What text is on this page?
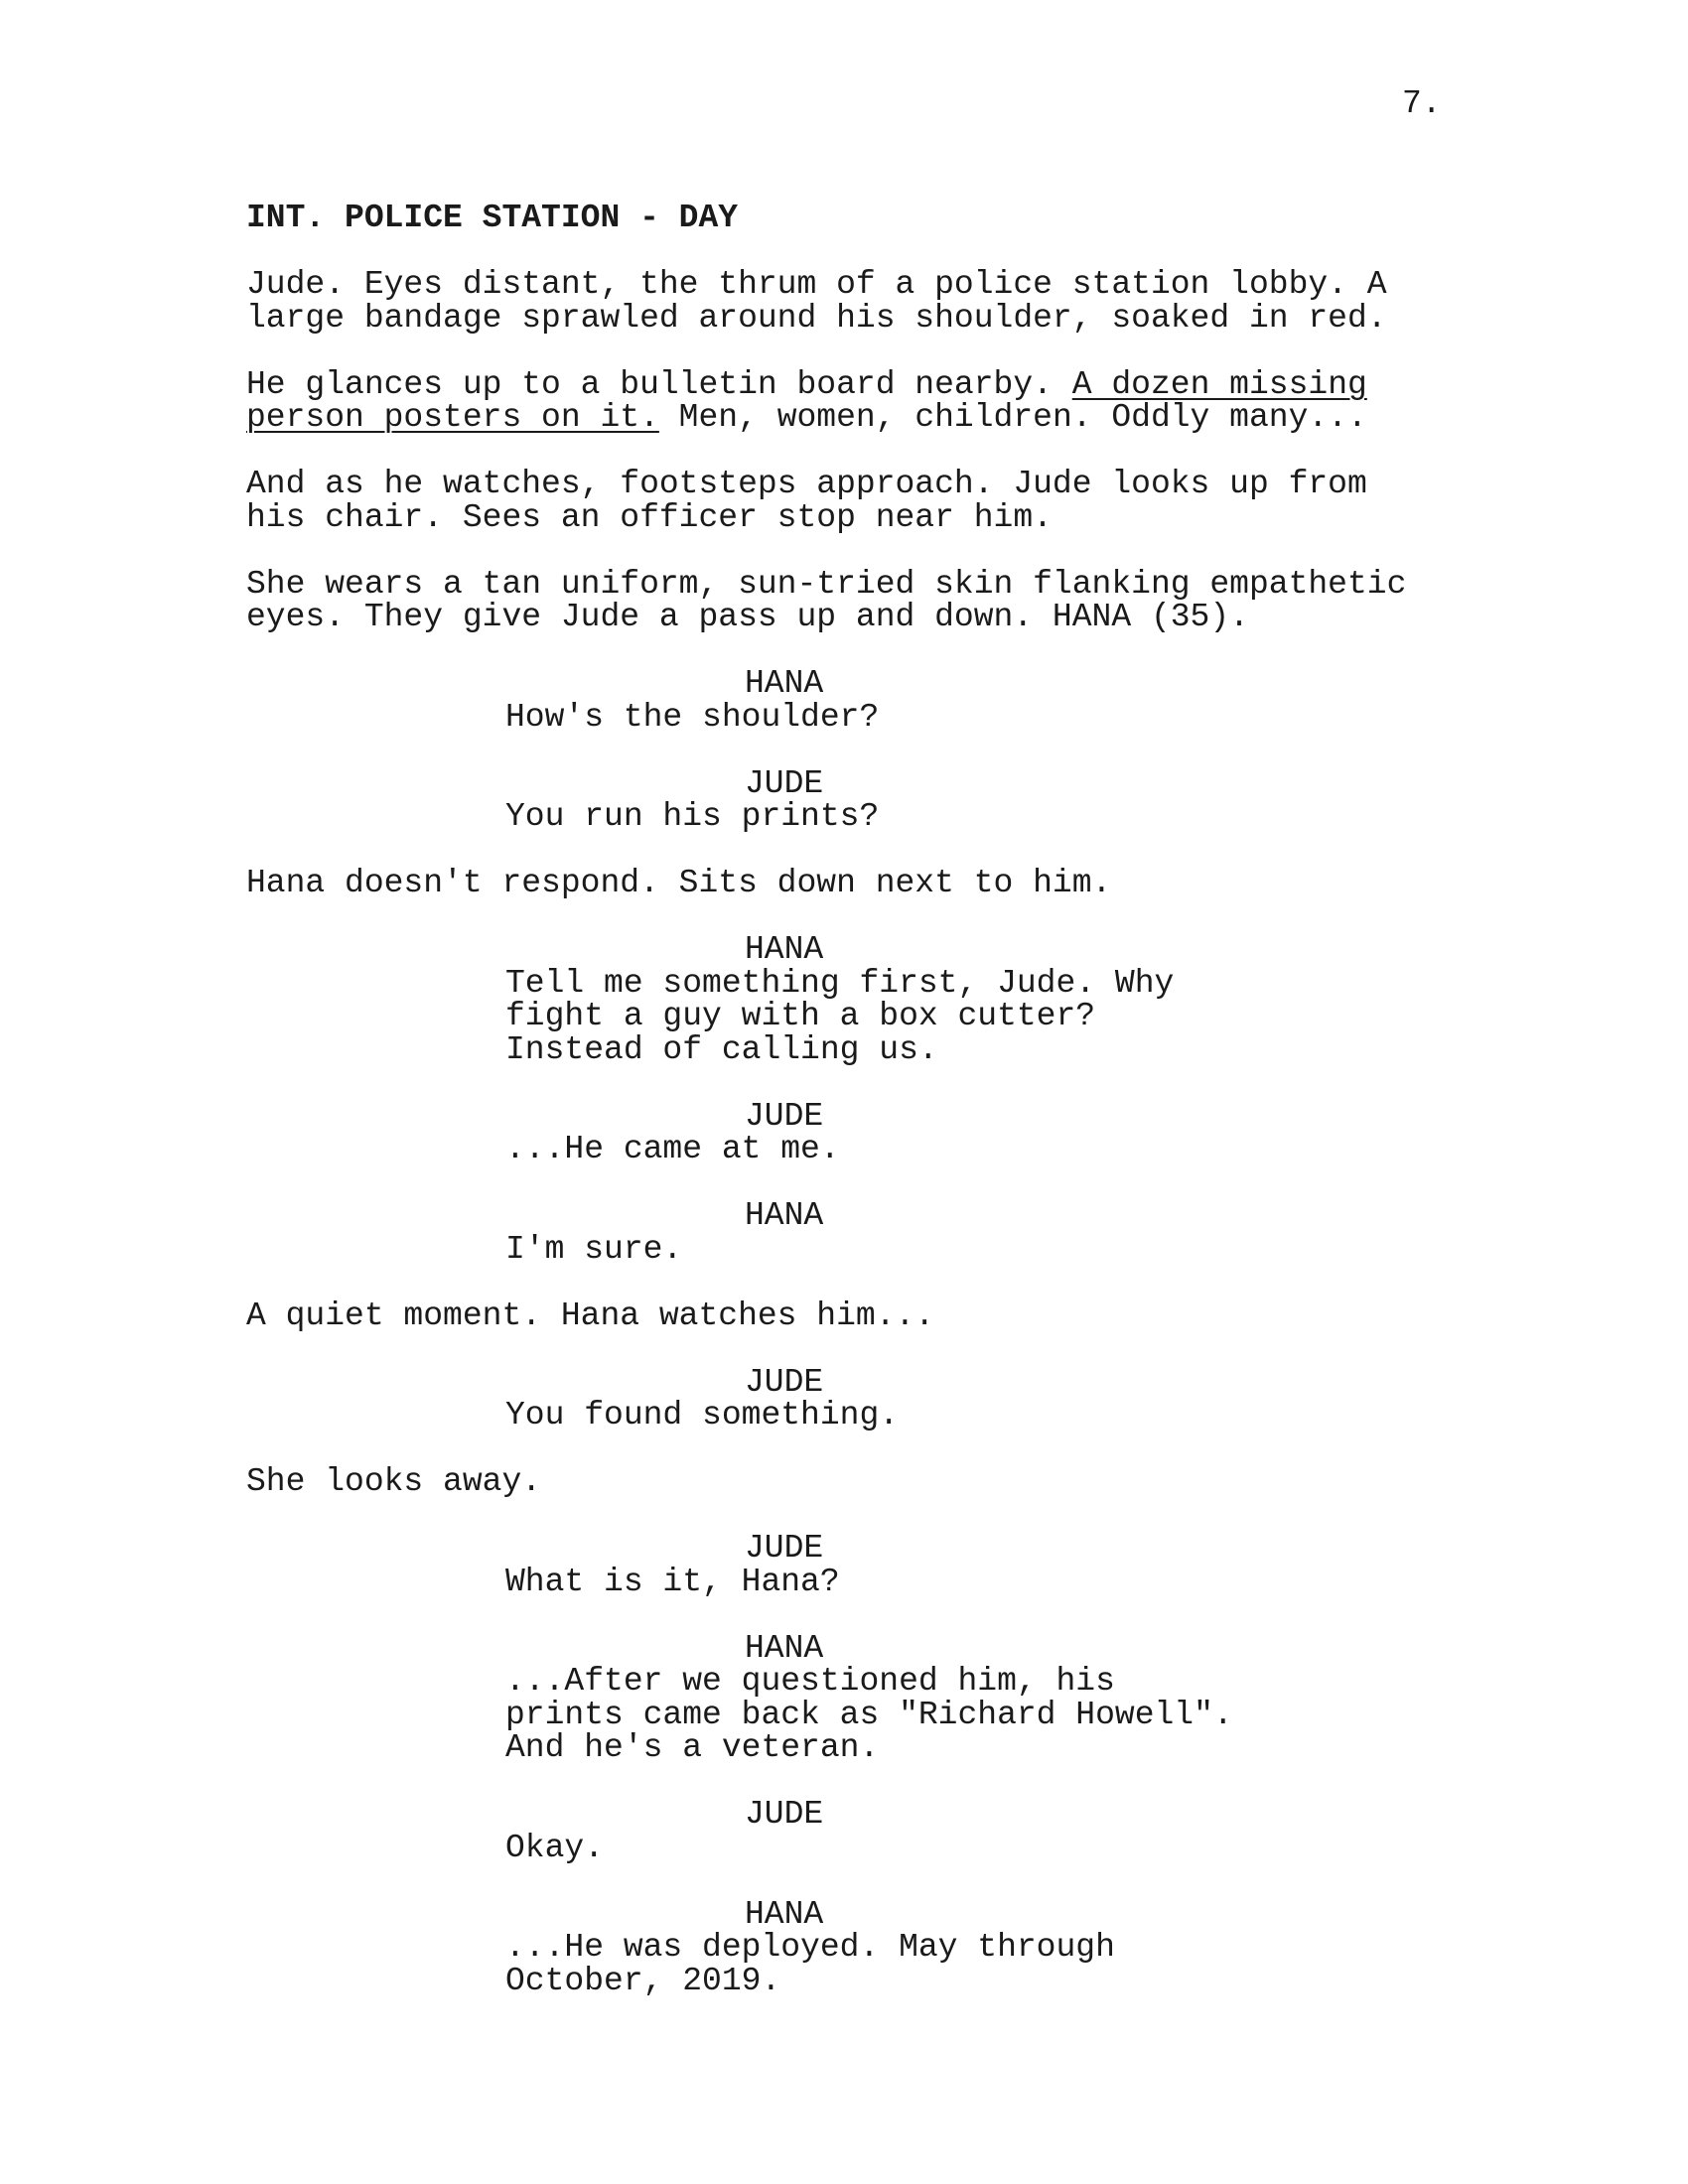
7.
INT. POLICE STATION - DAY
Jude. Eyes distant, the thrum of a police station lobby. A
large bandage sprawled around his shoulder, soaked in red.
He glances up to a bulletin board nearby. A dozen missing
person posters on it. Men, women, children. Oddly many...
And as he watches, footsteps approach. Jude looks up from
his chair. Sees an officer stop near him.
She wears a tan uniform, sun-tried skin flanking empathetic
eyes. They give Jude a pass up and down. HANA (35).
HANA
How's the shoulder?
JUDE
You run his prints?
Hana doesn't respond. Sits down next to him.
HANA
Tell me something first, Jude. Why
fight a guy with a box cutter?
Instead of calling us.
JUDE
...He came at me.
HANA
I'm sure.
A quiet moment. Hana watches him...
JUDE
You found something.
She looks away.
JUDE
What is it, Hana?
HANA
...After we questioned him, his
prints came back as "Richard Howell".
And he's a veteran.
JUDE
Okay.
HANA
...He was deployed. May through
October, 2019.
